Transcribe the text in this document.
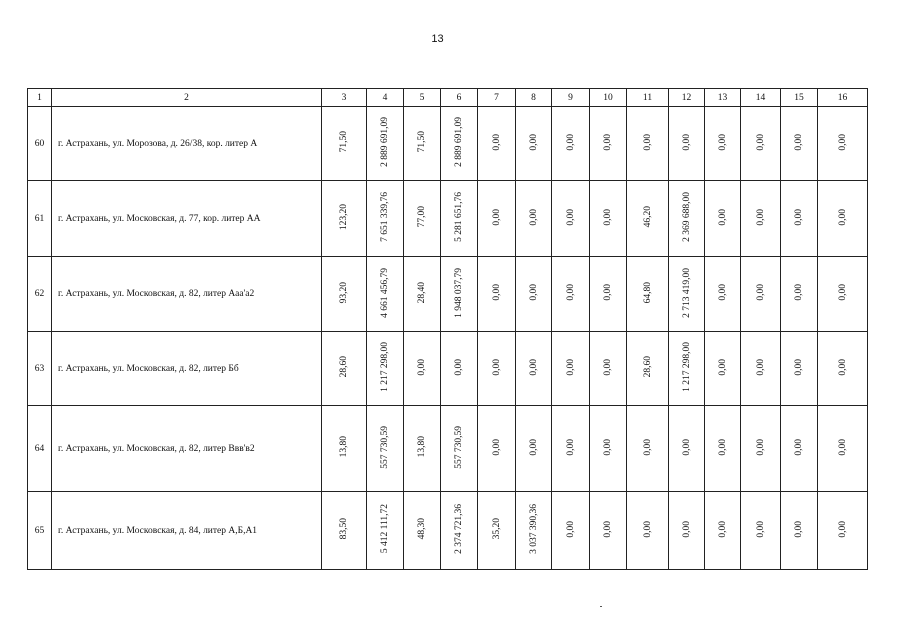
13
1	2	3	4	5	6	7	8	9	10	11	12	13	14	15	16
60	г. Астрахань, ул. Морозова, д. 26/38, кор. литер А	71,50	2 889 691,09	71,50	2 889 691,09	0,00	0,00	0,00	0,00	0,00	0,00	0,00	0,00	0,00	0,00
61	г. Астрахань, ул. Московская, д. 77, кор. литер АА	123,20	7 651 339,76	77,00	5 281 651,76	0,00	0,00	0,00	0,00	46,20	2 369 688,00	0,00	0,00	0,00	0,00
62	г. Астрахань, ул. Московская, д. 82, литер Ааа'а2	93,20	4 661 456,79	28,40	1 948 037,79	0,00	0,00	0,00	0,00	64,80	2 713 419,00	0,00	0,00	0,00	0,00
63	г. Астрахань, ул. Московская, д. 82, литер Бб	28,60	1 217 298,00	0,00	0,00	0,00	0,00	0,00	0,00	28,60	1 217 298,00	0,00	0,00	0,00	0,00
64	г. Астрахань, ул. Московская, д. 82, литер Ввв'в2	13,80	557 730,59	13,80	557 730,59	0,00	0,00	0,00	0,00	0,00	0,00	0,00	0,00	0,00	0,00
65	г. Астрахань, ул. Московская, д. 84, литер А,Б,А1	83,50	5 412 111,72	48,30	2 374 721,36	35,20	3 037 390,36	0,00	0,00	0,00	0,00	0,00	0,00	0,00	0,00
